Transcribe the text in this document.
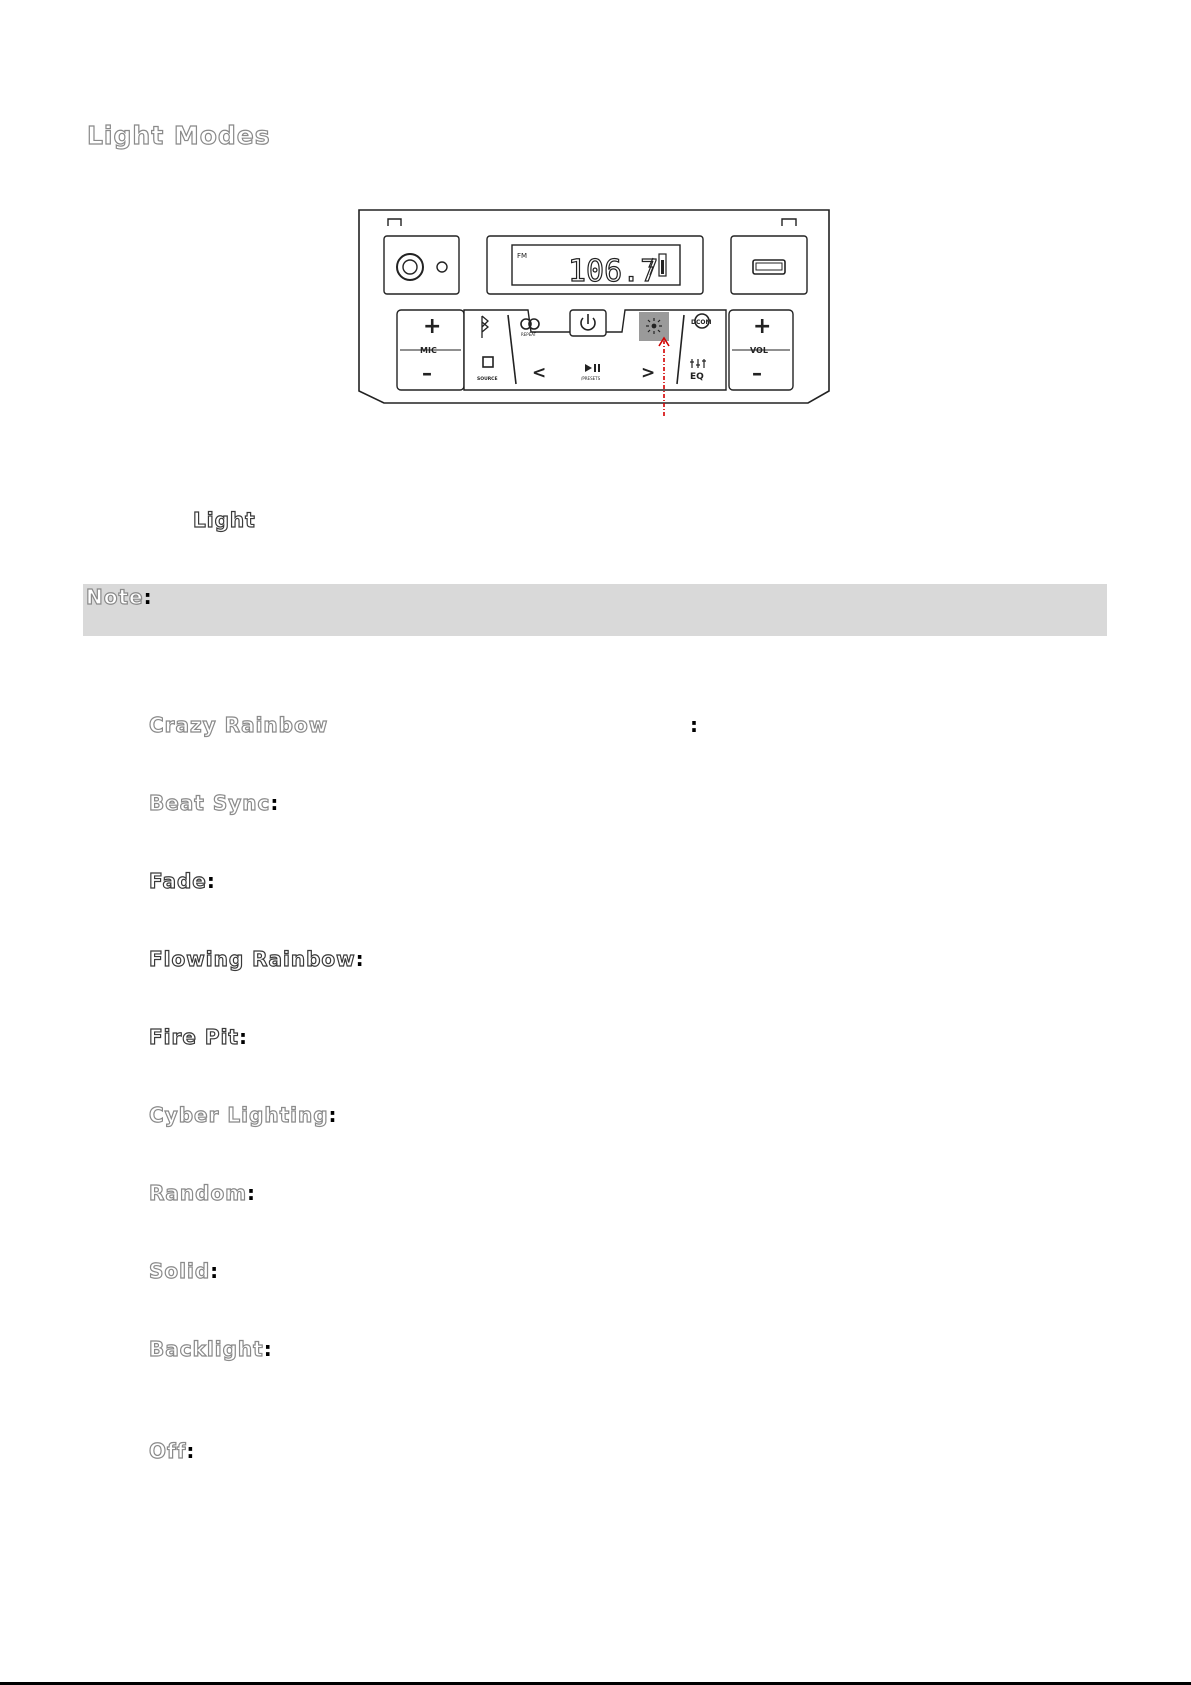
Light Modes
FM 106.7
+
MIC
–
REPEAT
DCOM
SOURCE <	>
/PRESETS	EQ
+
VOL
–
Light
Note:
Crazy Rainbow	:
Beat Sync:
Fade:
Flowing Rainbow:
Fire Pit:
Cyber Lighting:
Random:
Solid:
Backlight:
Off:
